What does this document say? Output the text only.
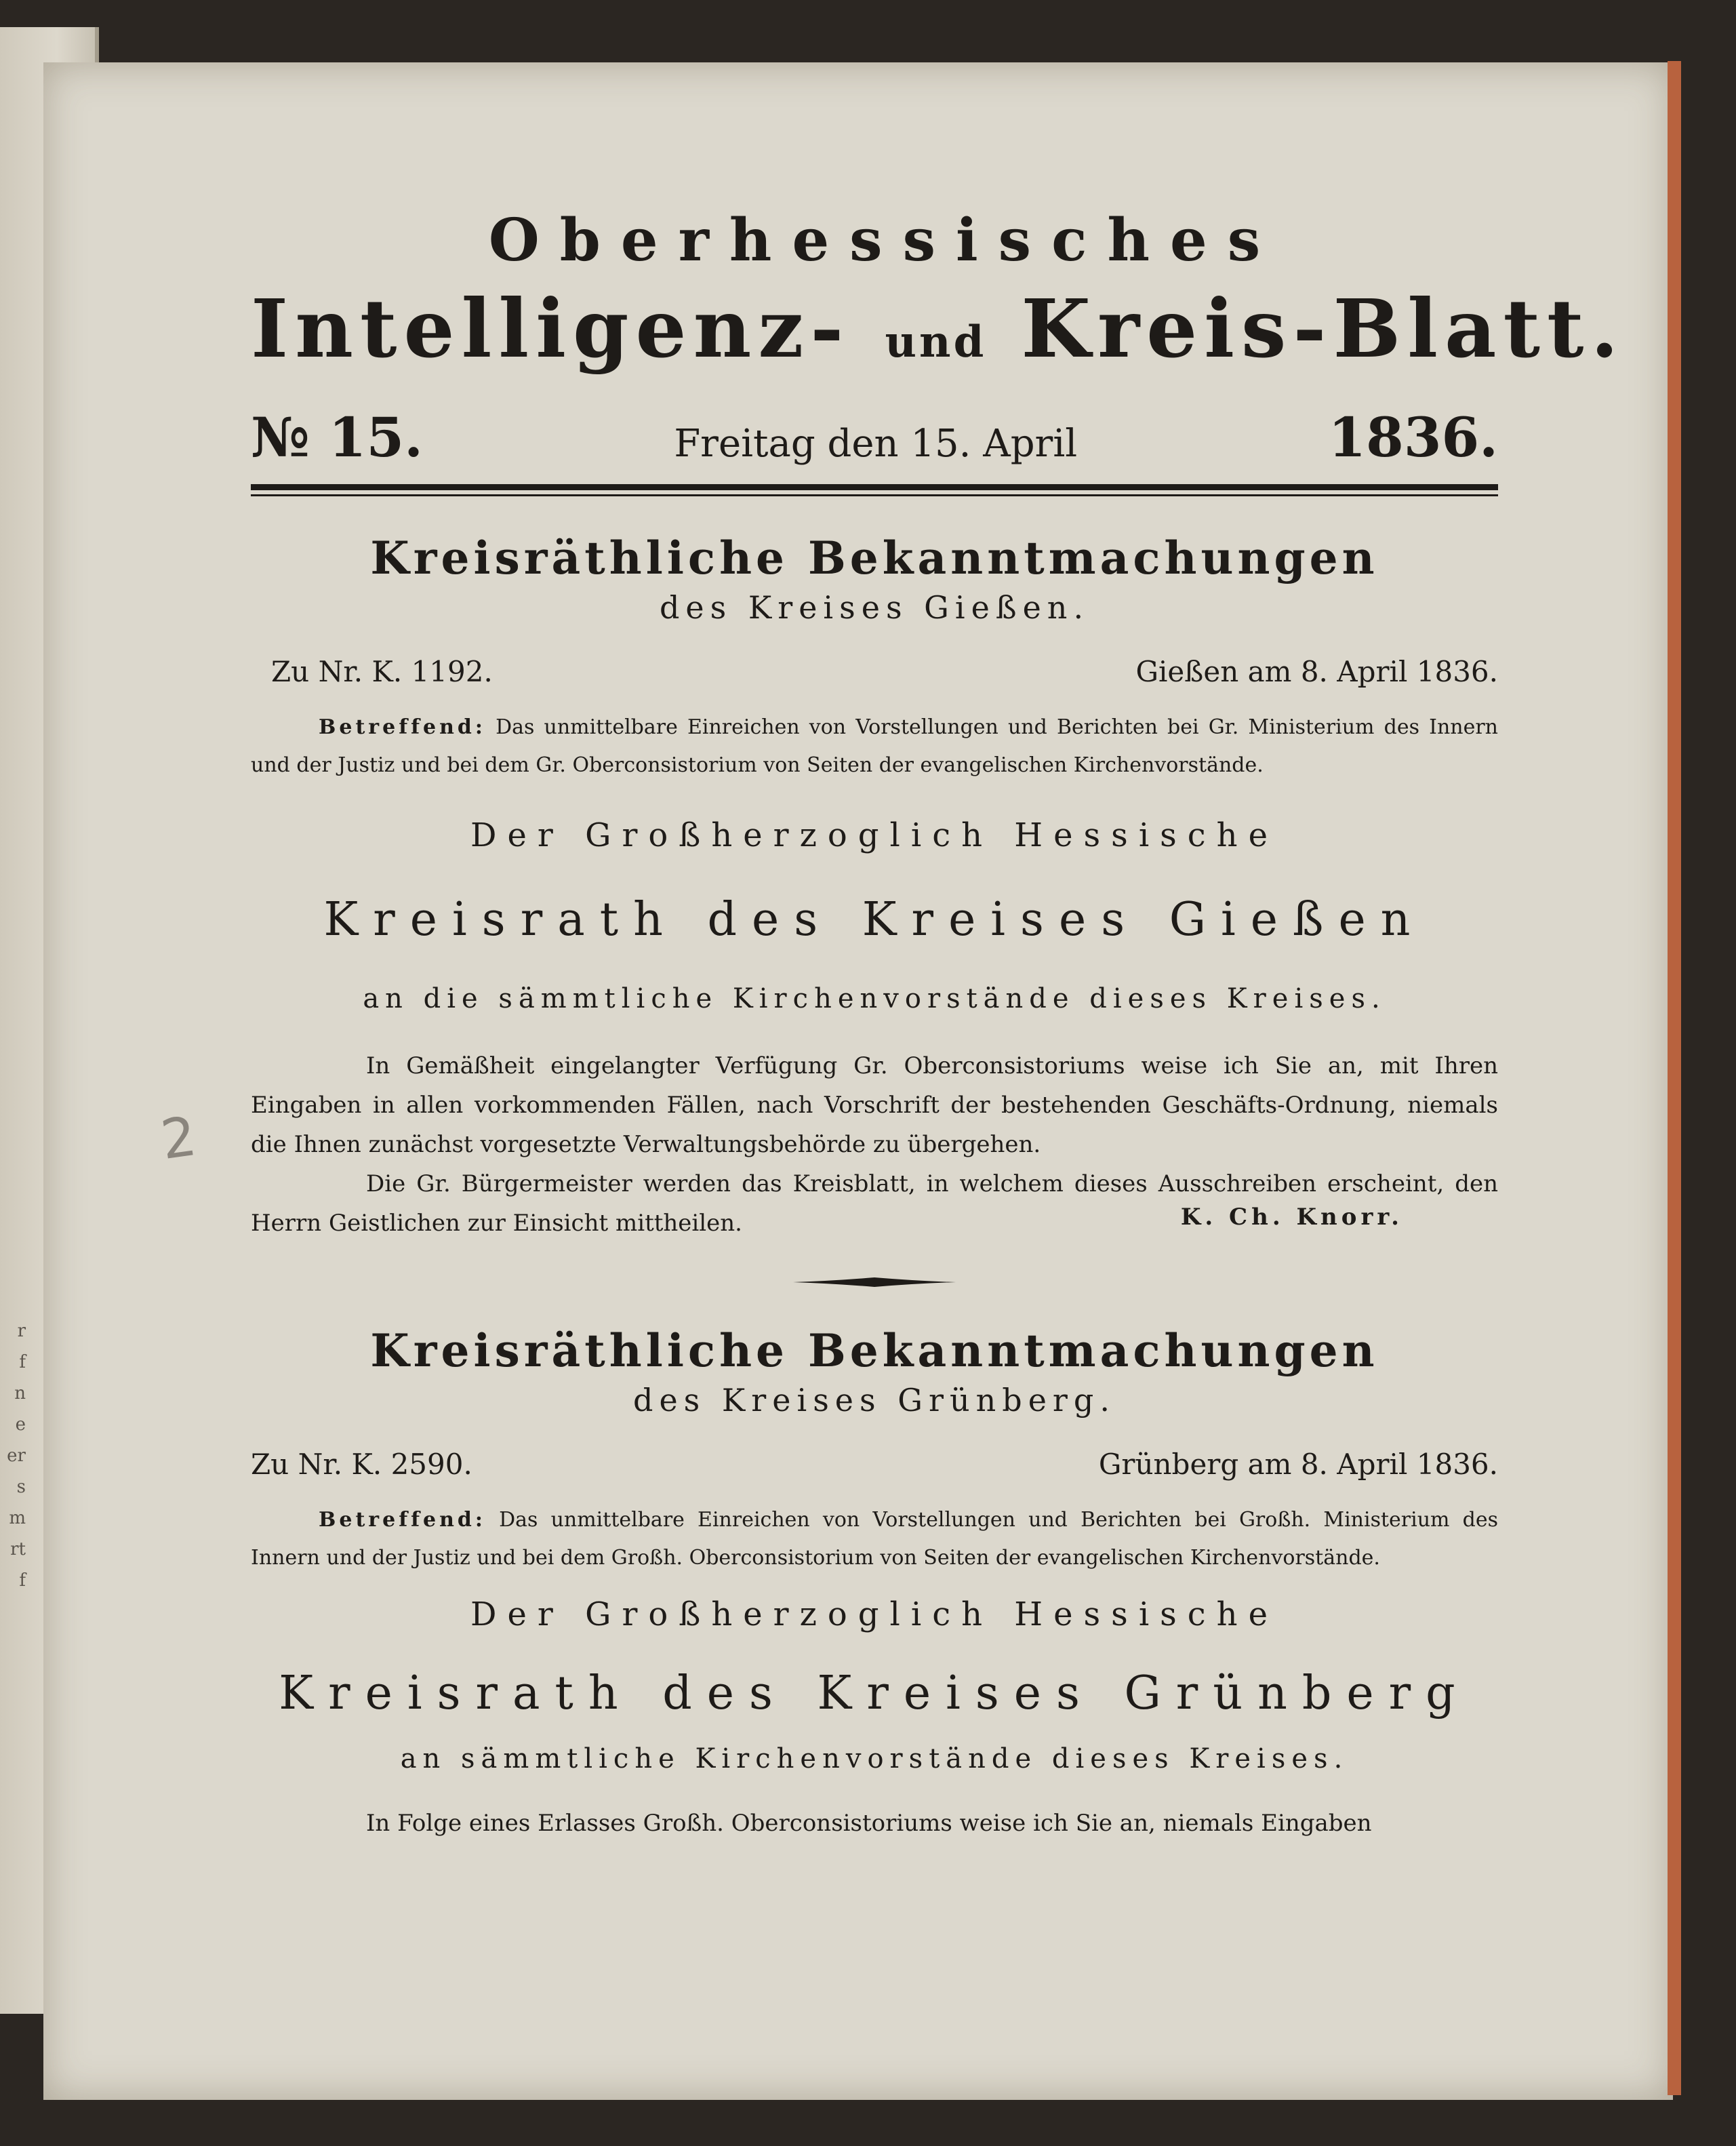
r
f
n
e
er
s
m
rt
f
2
Oberhessisches
Intelligenz- und Kreis-Blatt.
№ 15.	Freitag den 15. April	1836.
Kreisräthliche Bekanntmachungen
des Kreises Gießen.
Zu Nr. K. 1192.	Gießen am 8. April 1836.
Betreffend: Das unmittelbare Einreichen von Vorstellungen und Berichten bei Gr. Ministerium des Innern und der Justiz und bei dem Gr. Oberconsistorium von Seiten der evangelischen Kirchenvorstände.
Der Großherzoglich Hessische
Kreisrath des Kreises Gießen
an die sämmtliche Kirchenvorstände dieses Kreises.

In Gemäßheit eingelangter Verfügung Gr. Oberconsistoriums weise ich Sie an, mit Ihren Eingaben in allen vorkommenden Fällen, nach Vorschrift der bestehenden Geschäfts-Ordnung, niemals die Ihnen zunächst vorgesetzte Verwaltungsbehörde zu übergehen.

Die Gr. Bürgermeister werden das Kreisblatt, in welchem dieses Ausschreiben erscheint, den Herrn Geistlichen zur Einsicht mittheilen.	K. Ch. Knorr.
Kreisräthliche Bekanntmachungen
des Kreises Grünberg.
Zu Nr. K. 2590.	Grünberg am 8. April 1836.
Betreffend: Das unmittelbare Einreichen von Vorstellungen und Berichten bei Großh. Ministerium des Innern und der Justiz und bei dem Großh. Oberconsistorium von Seiten der evangelischen Kirchenvorstände.
Der Großherzoglich Hessische
Kreisrath des Kreises Grünberg
an sämmtliche Kirchenvorstände dieses Kreises.

In Folge eines Erlasses Großh. Oberconsistoriums weise ich Sie an, niemals Eingaben
